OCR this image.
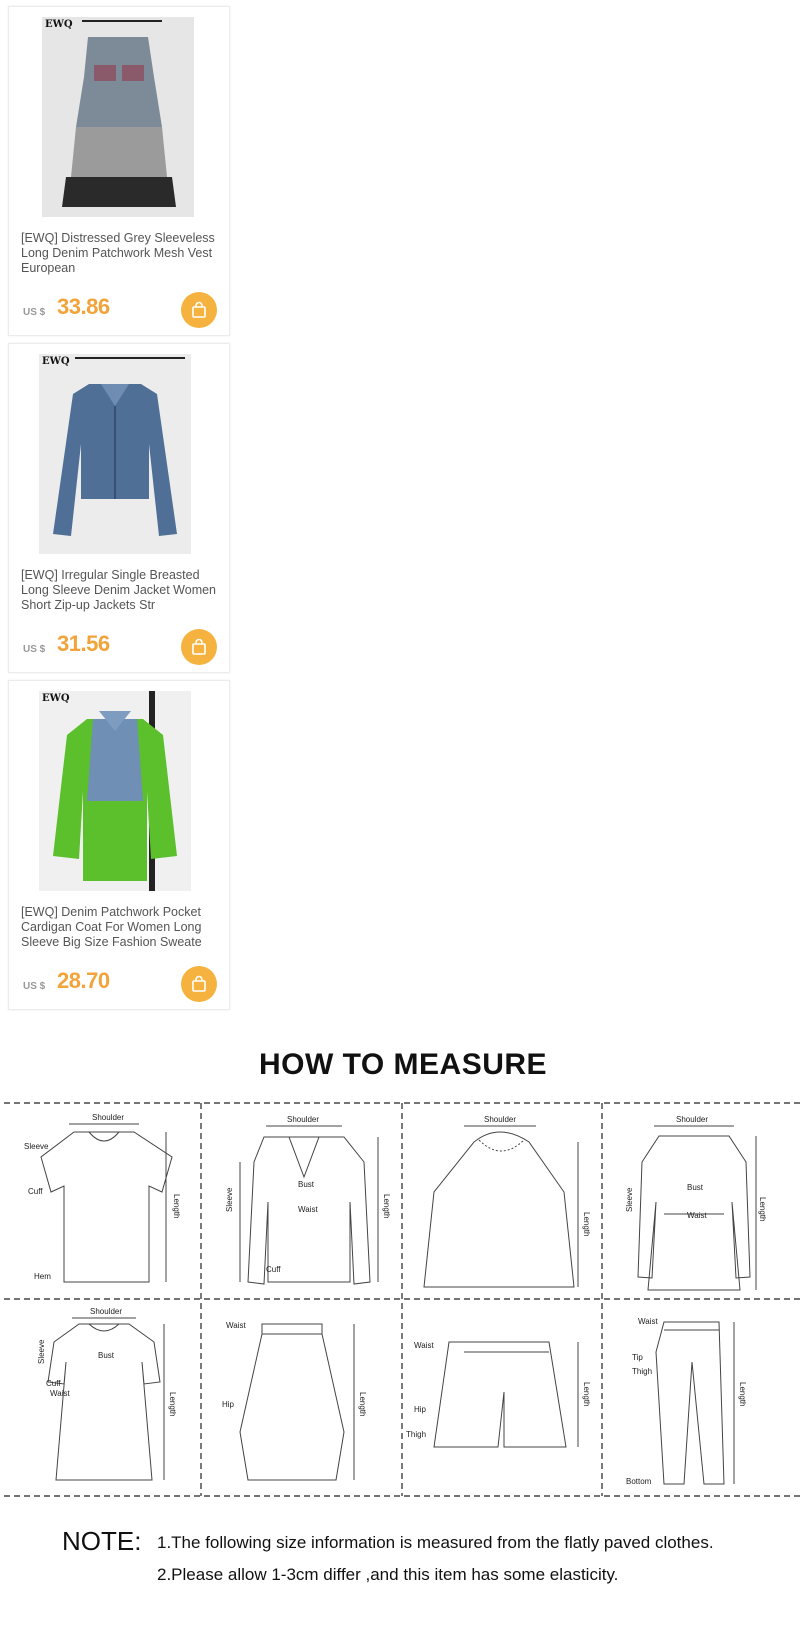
EWQ
[EWQ] Distressed Grey Sleeveless Long Denim Patchwork Mesh Vest European
US $ 33.86
EWQ
[EWQ] Irregular Single Breasted Long Sleeve Denim Jacket Women Short Zip-up Jackets Str
US $ 31.56
EWQ
[EWQ] Denim Patchwork Pocket Cardigan Coat For Women Long Sleeve Big Size Fashion Sweate
US $ 28.70
HOW TO MEASURE
Shoulder
Sleeve
Cuff
Hem
Length
Shoulder
Bust
Waist
Cuff
Length
Sleeve
Shoulder
Length
Shoulder
Bust
Waist	Length
Sleeve
Shoulder
Bust
Cuff
Waist	Length
Sleeve
Waist
Hip	Length
Waist
Hip
Thigh
Length
Waist
Tip
Thigh
Bottom
Length
NOTE: 1.The following size information is measured from the flatly paved clothes.
2.Please allow 1-3cm differ ,and this item has some elasticity.
